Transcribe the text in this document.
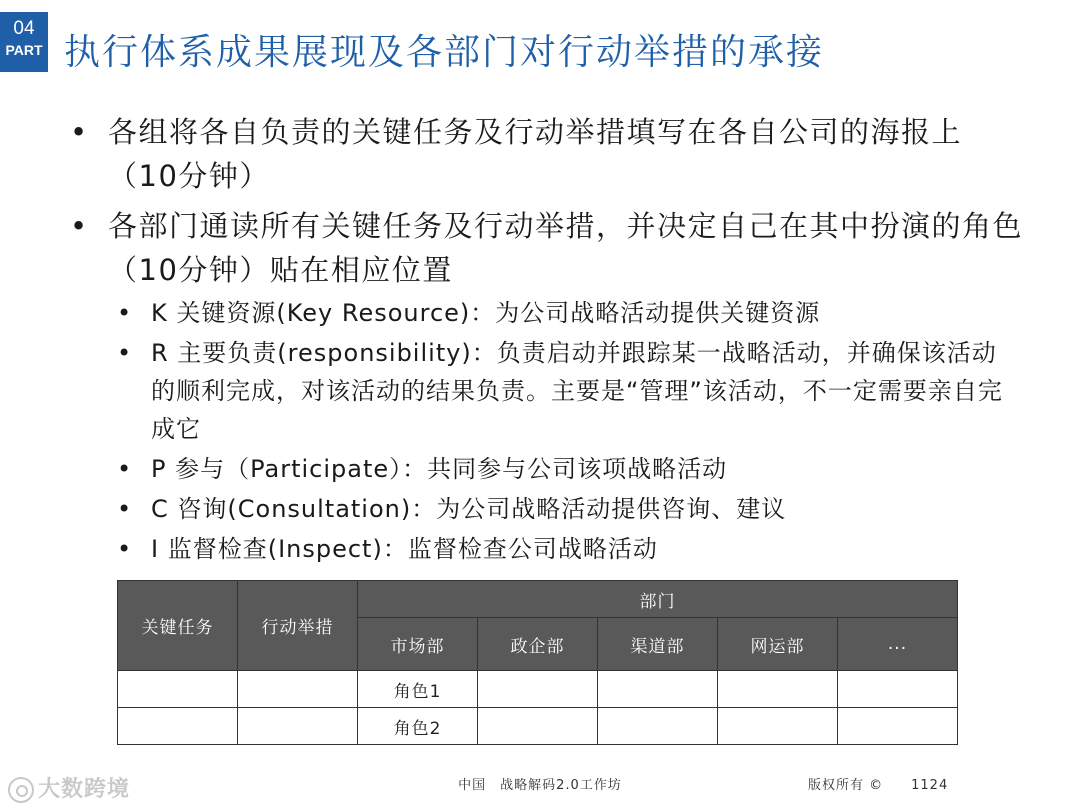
04
PART 执行体系成果展现及各部门对行动举措的承接
• 各组将各自负责的关键任务及行动举措填写在各自公司的海报上（10分钟）
• 各部门通读所有关键任务及行动举措，并决定自己在其中扮演的角色（10分钟）贴在相应位置
• K 关键资源(Key Resource)：为公司战略活动提供关键资源
• R 主要负责(responsibility)：负责启动并跟踪某一战略活动，并确保该活动的顺利完成，对该活动的结果负责。主要是“管理”该活动，不一定需要亲自完成它
• P 参与（Participate）：共同参与公司该项战略活动
• C 咨询(Consultation)：为公司战略活动提供咨询、建议
• I 监督检查(Inspect)：监督检查公司战略活动
关键任务	行动举措	部门				
		市场部	政企部	渠道部	网运部	...
		角色1				
		角色2				
大数跨境	中国　战略解码2.0工作坊	版权所有 ©　　1124
